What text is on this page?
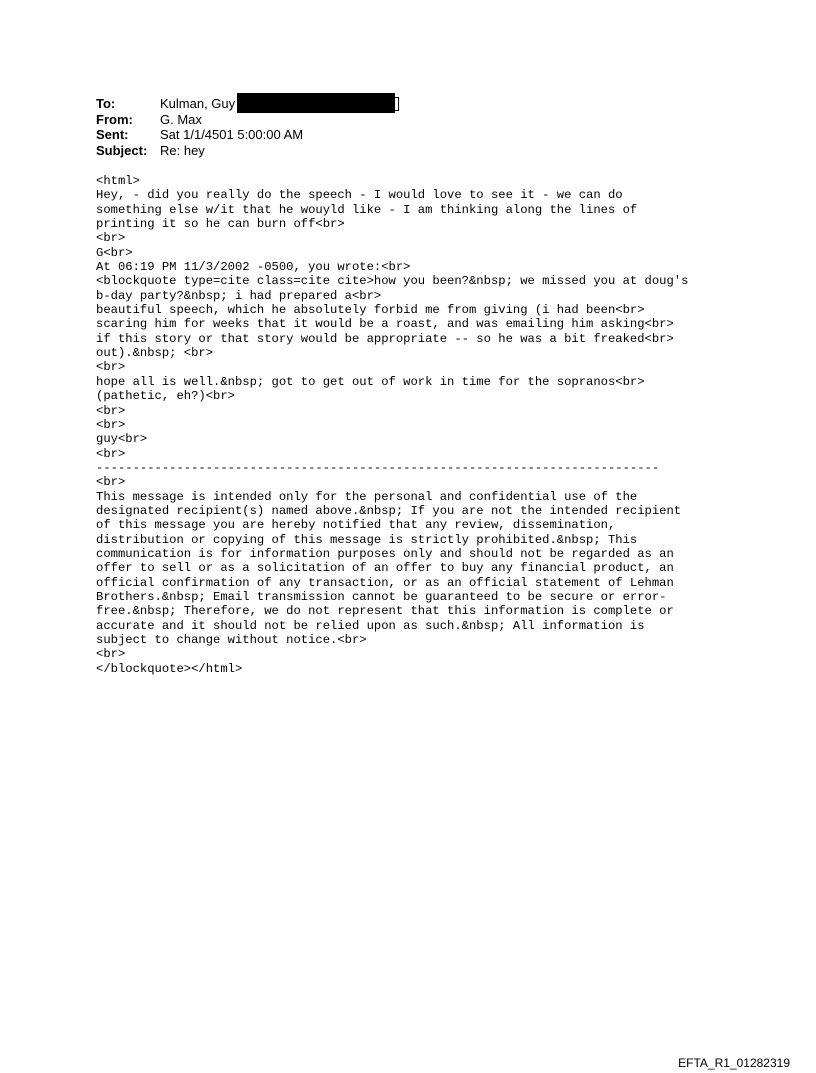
To:	Kulman, Guy
From:	G. Max
Sent:	Sat 1/1/4501 5:00:00 AM
Subject: Re: hey
<html>
Hey, - did you really do the speech - I would love to see it - we can do
something else w/it that he wouyld like - I am thinking along the lines of
printing it so he can burn off<br>
<br>
G<br>
At 06:19 PM 11/3/2002 -0500, you wrote:<br>
<blockquote type=cite class=cite cite>how you been?&nbsp; we missed you at doug's
b-day party?&nbsp; i had prepared a<br>
beautiful speech, which he absolutely forbid me from giving (i had been<br>
scaring him for weeks that it would be a roast, and was emailing him asking<br>
if this story or that story would be appropriate -- so he was a bit freaked<br>
out).&nbsp; <br>
<br>
hope all is well.&nbsp; got to get out of work in time for the sopranos<br>
(pathetic, eh?)<br>
<br>
<br>
guy<br>
<br>
-----------------------------------------------------------------------------
<br>
This message is intended only for the personal and confidential use of the
designated recipient(s) named above.&nbsp; If you are not the intended recipient
of this message you are hereby notified that any review, dissemination,
distribution or copying of this message is strictly prohibited.&nbsp; This
communication is for information purposes only and should not be regarded as an
offer to sell or as a solicitation of an offer to buy any financial product, an
official confirmation of any transaction, or as an official statement of Lehman
Brothers.&nbsp; Email transmission cannot be guaranteed to be secure or error-
free.&nbsp; Therefore, we do not represent that this information is complete or
accurate and it should not be relied upon as such.&nbsp; All information is
subject to change without notice.<br>
<br>
</blockquote></html>
EFTA_R1_01282319
